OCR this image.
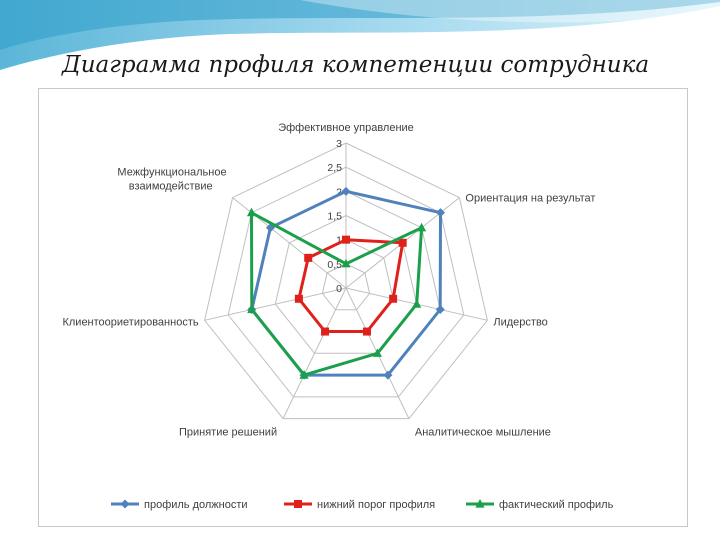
Диаграмма профиля компетенции сотрудника
0
0,5
1
1,5
2
2,5
3
Эффективное управление
Ориентация на результат
Лидерство
Аналитическое мышление
Принятие решений
Клиентоориетированность
Межфункциональное взаимодействие
профиль должности	нижний порог профиля	фактический профиль
